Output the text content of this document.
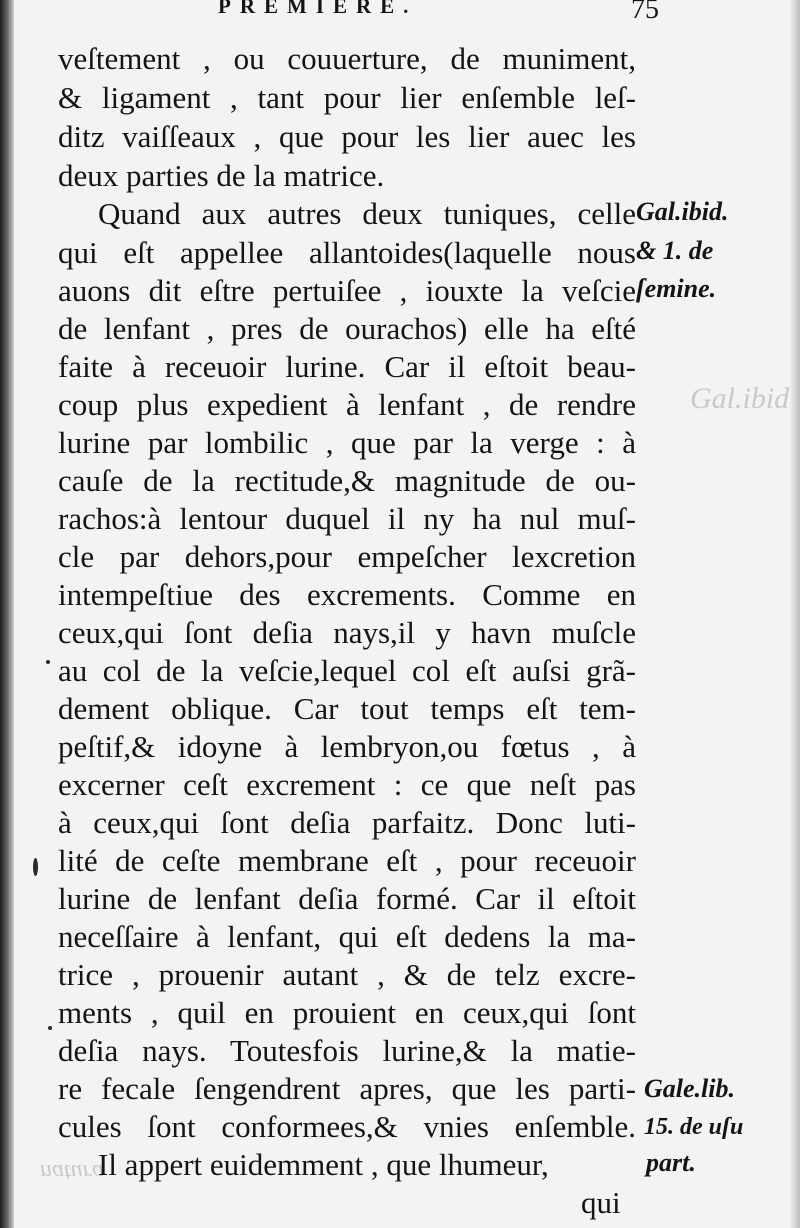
Gal.ibid
natura
PREMIERE.	75
veſtement , ou couuerture, de muniment,
& ligament , tant pour lier enſemble leſ-
ditz vaiſſeaux , que pour les lier auec les
deux parties de la matrice.
Quand aux autres deux tuniques, celle
qui eſt appellee allantoides(laquelle nous
auons dit eſtre pertuiſee , iouxte la veſcie
de lenfant , pres de ourachos) elle ha eſté
faite à receuoir lurine. Car il eſtoit beau-
coup plus expedient à lenfant , de rendre
lurine par lombilic , que par la verge : à
cauſe de la rectitude,& magnitude de ou-
rachos:à lentour duquel il ny ha nul muſ-
cle par dehors,pour empeſcher lexcretion
intempeſtiue des excrements. Comme en
ceux,qui ſont deſia nays,il y havn muſcle
au col de la veſcie,lequel col eſt auſsi grã-
dement oblique. Car tout temps eſt tem-
peſtif,& idoyne à lembryon,ou fœtus , à
excerner ceſt excrement : ce que neſt pas
à ceux,qui ſont deſia parfaitz. Donc luti-
lité de ceſte membrane eſt , pour receuoir
lurine de lenfant deſia formé. Car il eſtoit
neceſſaire à lenfant, qui eſt dedens la ma-
trice , prouenir autant , & de telz excre-
ments , quil en prouient en ceux,qui ſont
deſia nays. Toutesfois lurine,& la matie-
re fecale ſengendrent apres, que les parti-
cules ſont conformees,& vnies enſemble.
Il appert euidemment , que lhumeur,
qui
Gal.ibid.
& 1. de
ſemine.
Gale.lib.
15. de uſu
part.
